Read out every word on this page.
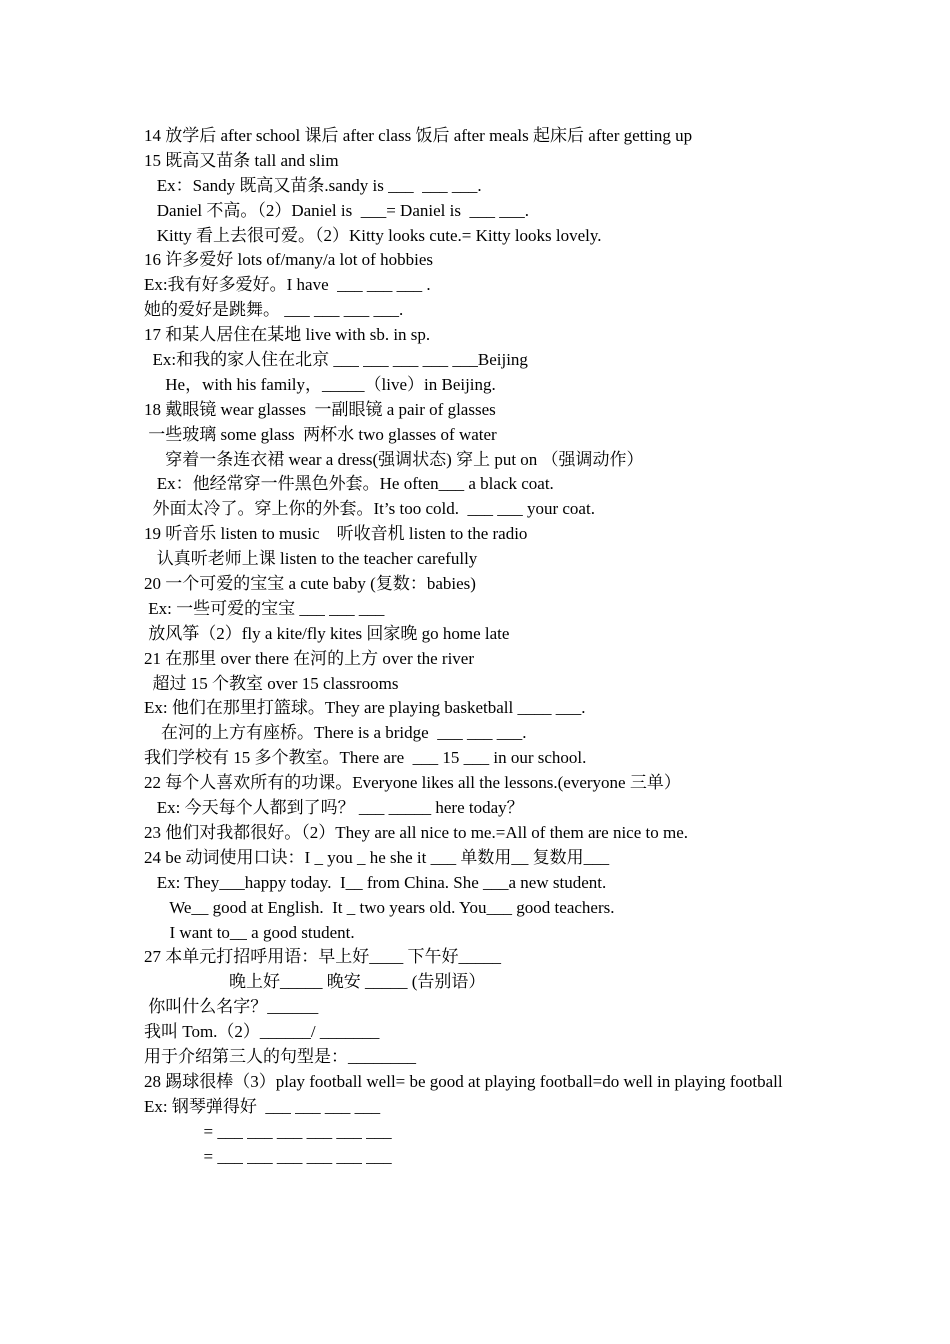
14 放学后 after school 课后 after class 饭后 after meals 起床后 after getting up
15 既高又苗条 tall and slim
Ex：Sandy 既高又苗条.sandy is ___  ___ ___.
Daniel 不高。（2）Daniel is  ___= Daniel is  ___ ___.
Kitty 看上去很可爱。（2）Kitty looks cute.= Kitty looks lovely.
16 许多爱好 lots of/many/a lot of hobbies
Ex:我有好多爱好。I have  ___ ___ ___ .
她的爱好是跳舞。 ___ ___ ___ ___.
17 和某人居住在某地 live with sb. in sp.
Ex:和我的家人住在北京 ___ ___ ___ ___ ___Beijing
He，with his family，_____（live）in Beijing.
18 戴眼镜 wear glasses  一副眼镜 a pair of glasses
一些玻璃 some glass  两杯水 two glasses of water
穿着一条连衣裙 wear a dress(强调状态) 穿上 put on （强调动作）
Ex：他经常穿一件黑色外套。He often___ a black coat.
外面太冷了。穿上你的外套。It’s too cold.  ___ ___ your coat.
19 听音乐 listen to music    听收音机 listen to the radio
认真听老师上课 listen to the teacher carefully
20 一个可爱的宝宝 a cute baby (复数：babies)
Ex: 一些可爱的宝宝 ___ ___ ___
放风筝（2）fly a kite/fly kites 回家晚 go home late
21 在那里 over there 在河的上方 over the river
超过 15 个教室 over 15 classrooms
Ex: 他们在那里打篮球。They are playing basketball ____ ___.
在河的上方有座桥。There is a bridge  ___ ___ ___.
我们学校有 15 多个教室。There are  ___ 15 ___ in our school.
22 每个人喜欢所有的功课。Everyone likes all the lessons.(everyone 三单）
Ex: 今天每个人都到了吗？ ___ _____ here today？
23 他们对我都很好。（2）They are all nice to me.=All of them are nice to me.
24 be 动词使用口诀：I _ you _ he she it ___ 单数用__ 复数用___
Ex: They___happy today.  I__ from China. She ___a new student.
We__ good at English.  It _ two years old. You___ good teachers.
I want to__ a good student.
27 本单元打招呼用语：早上好____ 下午好_____
晚上好_____ 晚安 _____ (告别语）
你叫什么名字？______
我叫 Tom.（2）______/ _______
用于介绍第三人的句型是：________
28 踢球很棒（3）play football well= be good at playing football=do well in playing football
Ex: 钢琴弹得好  ___ ___ ___ ___
= ___ ___ ___ ___ ___ ___
= ___ ___ ___ ___ ___ ___
